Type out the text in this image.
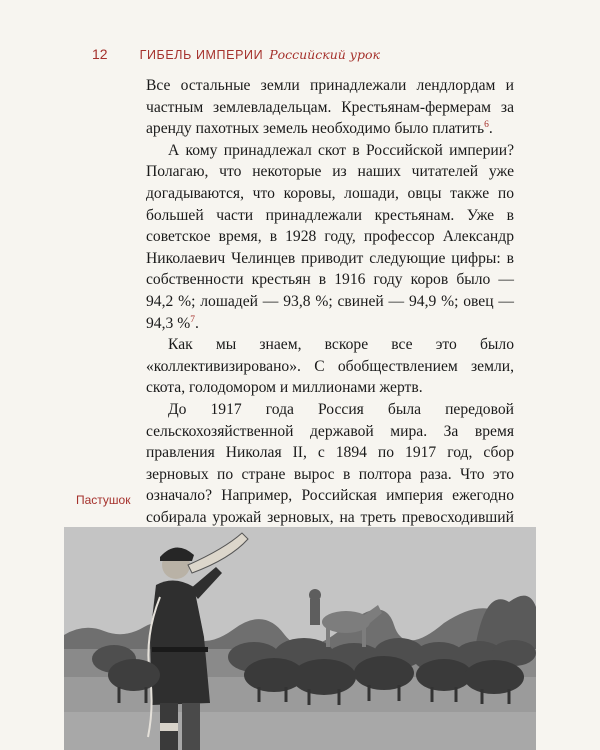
12	ГИБЕЛЬ ИМПЕРИИ Российский урок

Все остальные земли принадлежали лендлордам и частным землевладельцам. Крестьянам-фермерам за аренду пахотных земель необходимо было платить$^6$.

А кому принадлежал скот в Российской империи? Полагаю, что некоторые из наших читателей уже догадываются, что коровы, лошади, овцы также по большей части принадлежали крестьянам. Уже в советское время, в 1928 году, профессор Александр Николаевич Челинцев приводит следующие цифры: в собственности крестьян в 1916 году коров было — 94,2 %; лошадей — 93,8 %; свиней — 94,9 %; овец — 94,3 %$^7$.

Как мы знаем, вскоре все это было «коллективизировано». С обобществлением земли, скота, голодомором и миллионами жертв.

До 1917 года Россия была передовой сельскохозяйственной державой мира. За время правления Николая II, с 1894 по 1917 год, сбор зерновых по стране вырос в полтора раза. Что это означало? Например, Российская империя ежегодно собирала урожай зерновых, на треть превосходивший

Пастушок
